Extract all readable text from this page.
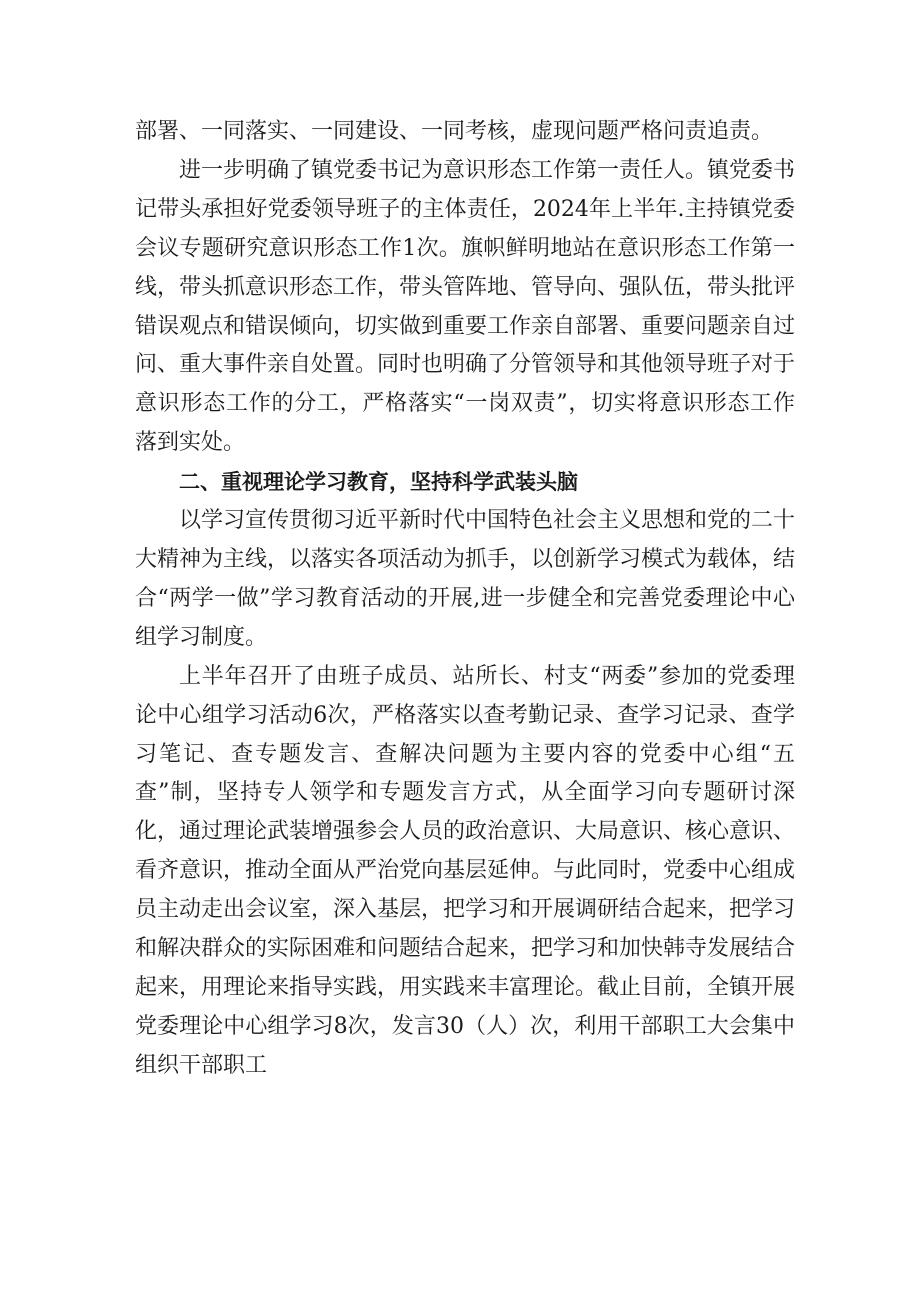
部署、一同落实、一同建设、一同考核，虚现问题严格问责追责。

进一步明确了镇党委书记为意识形态工作第一责任人。镇党委书记带头承担好党委领导班子的主体责任，2024年上半年.主持镇党委会议专题研究意识形态工作1次。旗帜鲜明地站在意识形态工作第一线，带头抓意识形态工作，带头管阵地、管导向、强队伍，带头批评错误观点和错误倾向，切实做到重要工作亲自部署、重要问题亲自过问、重大事件亲自处置。同时也明确了分管领导和其他领导班子对于意识形态工作的分工，严格落实“一岗双责”，切实将意识形态工作落到实处。

二、重视理论学习教育，坚持科学武装头脑

以学习宣传贯彻习近平新时代中国特色社会主义思想和党的二十大精神为主线，以落实各项活动为抓手，以创新学习模式为载体，结合“两学一做”学习教育活动的开展,进一步健全和完善党委理论中心组学习制度。

上半年召开了由班子成员、站所长、村支“两委”参加的党委理论中心组学习活动6次，严格落实以查考勤记录、查学习记录、查学习笔记、查专题发言、查解决问题为主要内容的党委中心组“五查”制，坚持专人领学和专题发言方式，从全面学习向专题研讨深化，通过理论武装增强参会人员的政治意识、大局意识、核心意识、看齐意识，推动全面从严治党向基层延伸。与此同时，党委中心组成员主动走出会议室，深入基层，把学习和开展调研结合起来，把学习和解决群众的实际困难和问题结合起来，把学习和加快韩寺发展结合起来，用理论来指导实践，用实践来丰富理论。截止目前，全镇开展党委理论中心组学习8次，发言30（人）次，利用干部职工大会集中组织干部职工
